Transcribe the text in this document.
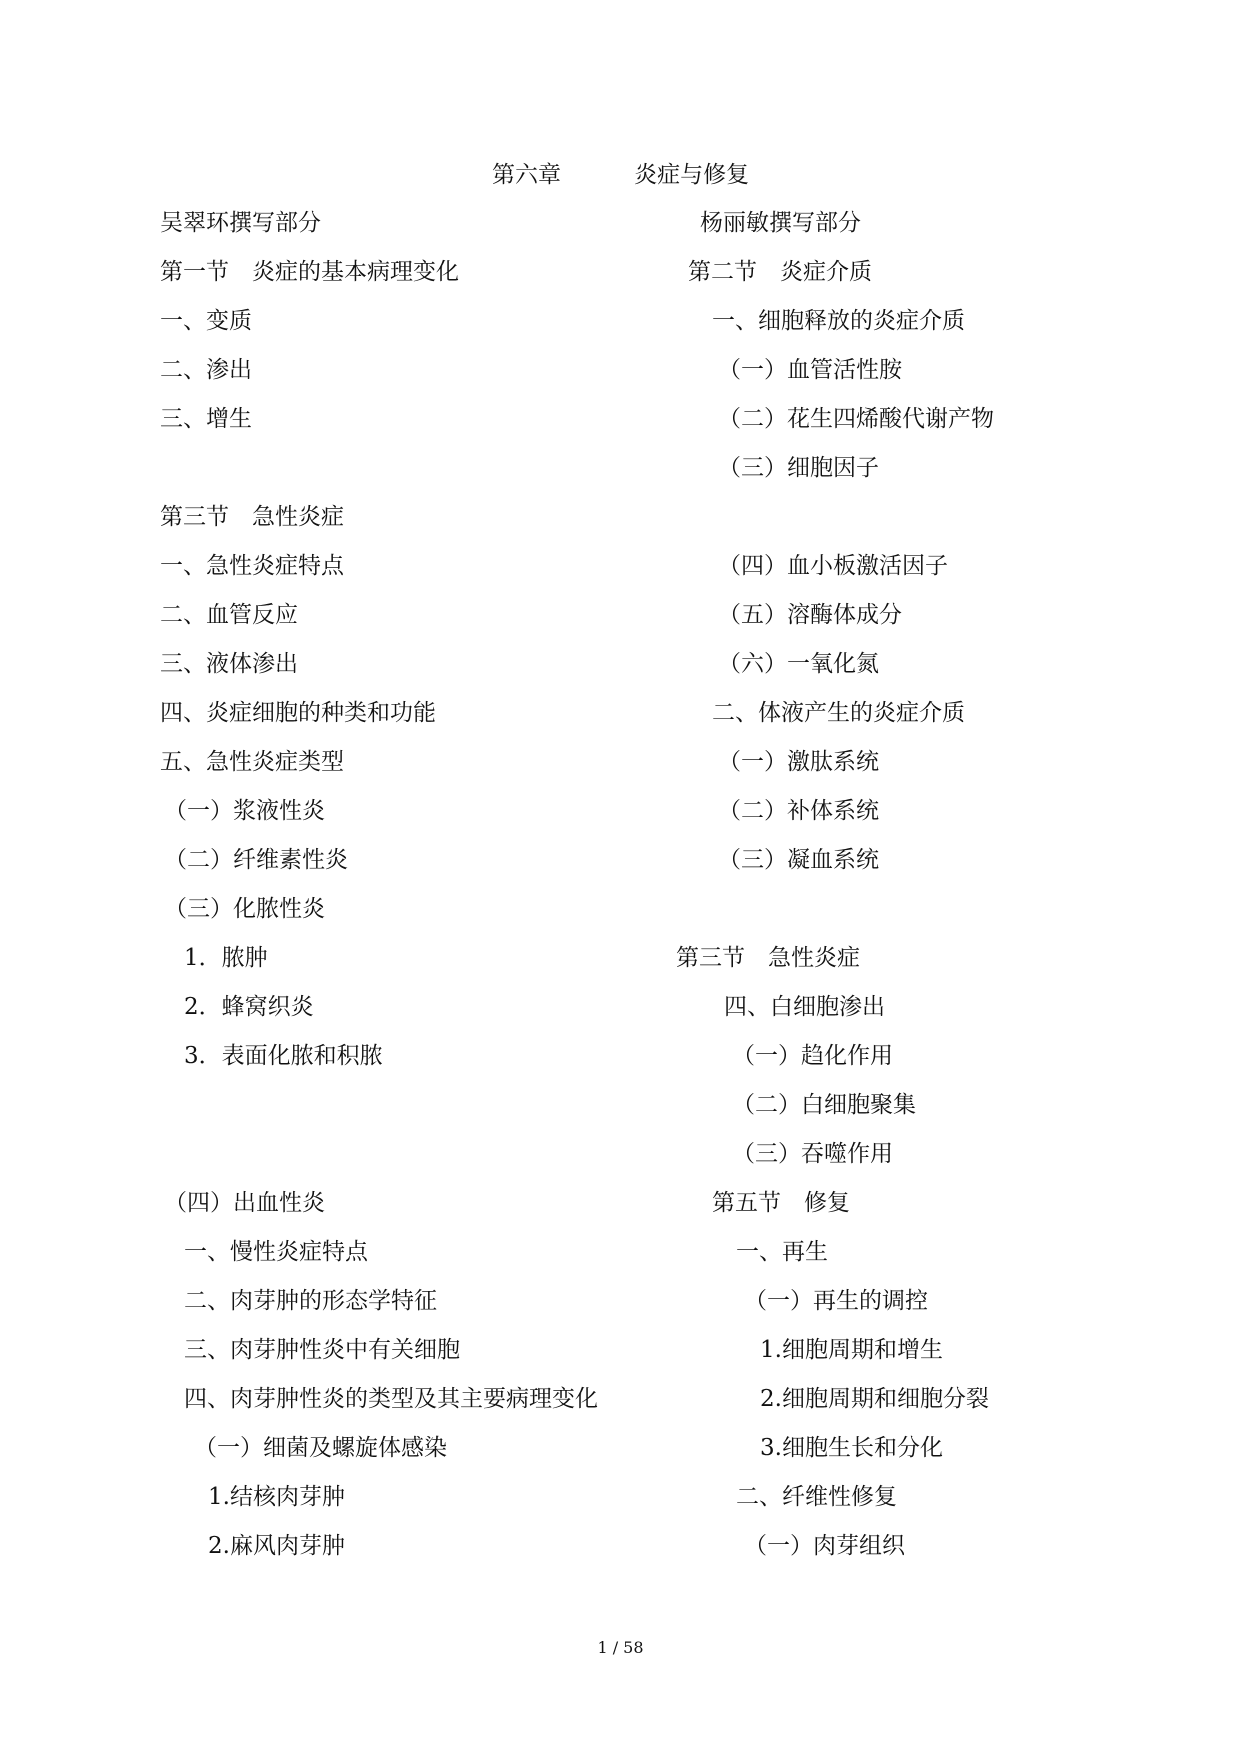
第六章	炎症与修复
吴翠环撰写部分
第一节　炎症的基本病理变化
一、变质
二、渗出
三、增生
第三节　急性炎症
一、急性炎症特点
二、血管反应
三、液体渗出
四、炎症细胞的种类和功能
五、急性炎症类型
（一）浆液性炎
（二）纤维素性炎
（三）化脓性炎
1．脓肿
2．蜂窝织炎
3．表面化脓和积脓
（四）出血性炎
一、慢性炎症特点
二、肉芽肿的形态学特征
三、肉芽肿性炎中有关细胞
四、肉芽肿性炎的类型及其主要病理变化
（一）细菌及螺旋体感染
1.结核肉芽肿
2.麻风肉芽肿
杨丽敏撰写部分
第二节　炎症介质
一、细胞释放的炎症介质
（一）血管活性胺
（二）花生四烯酸代谢产物
（三）细胞因子
（四）血小板激活因子
（五）溶酶体成分
（六）一氧化氮
二、体液产生的炎症介质
（一）激肽系统
（二）补体系统
（三）凝血系统
第三节　急性炎症
四、白细胞渗出
（一）趋化作用
（二）白细胞聚集
（三）吞噬作用
第五节　修复
一、再生
（一）再生的调控
1.细胞周期和增生
2.细胞周期和细胞分裂
3.细胞生长和分化
二、纤维性修复
（一）肉芽组织
1 / 58
